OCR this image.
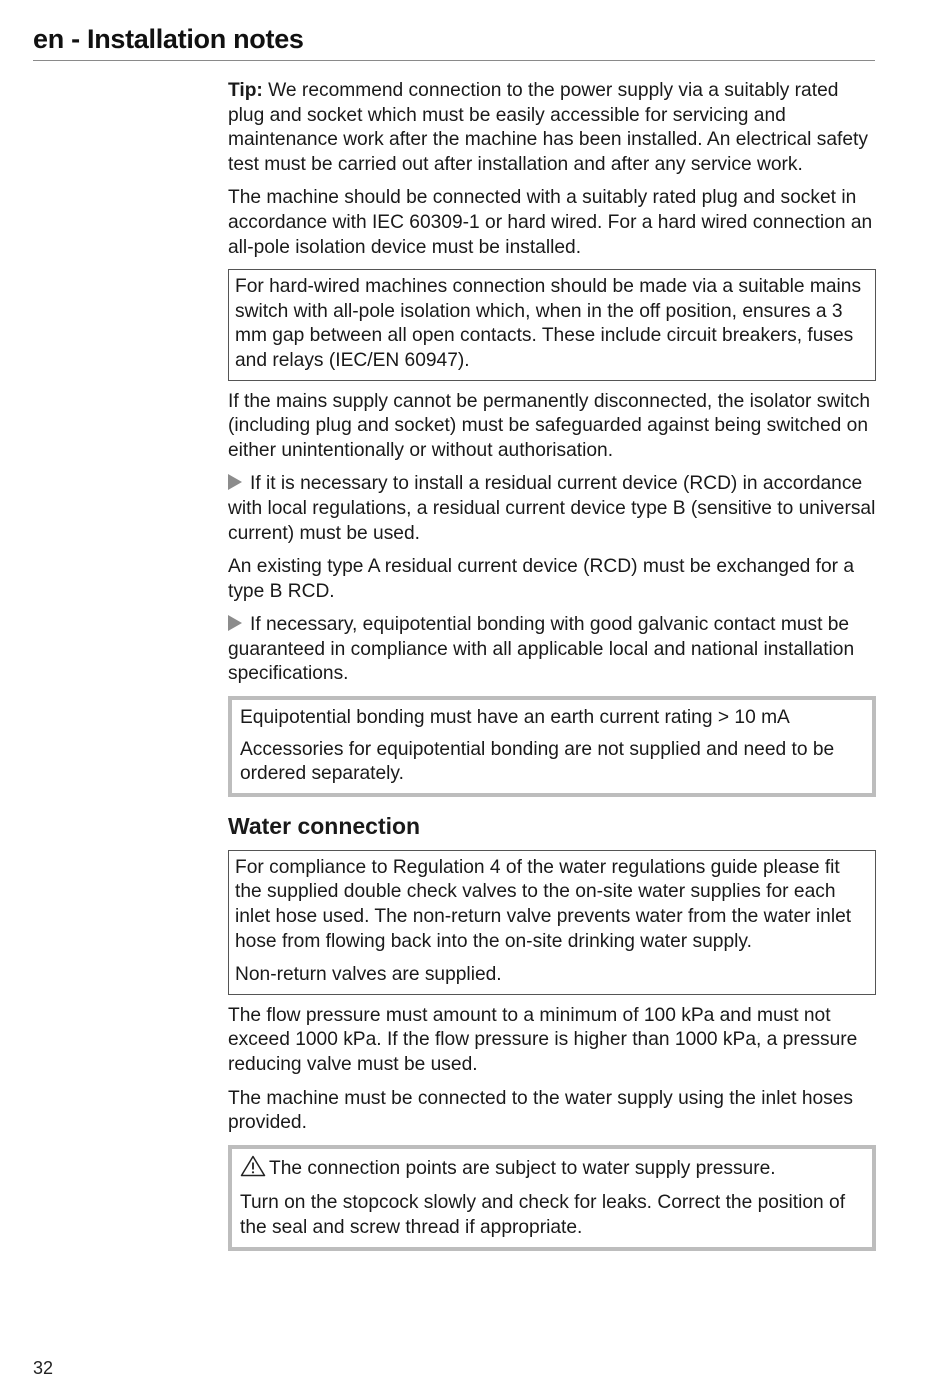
en - Installation notes

Tip: We recommend connection to the power supply via a suitably rated plug and socket which must be easily accessible for servicing and maintenance work after the machine has been installed. An electrical safety test must be carried out after installation and after any service work.

The machine should be connected with a suitably rated plug and socket in accordance with IEC 60309-1 or hard wired. For a hard wired connection an all-pole isolation device must be installed.

For hard-wired machines connection should be made via a suitable mains switch with all-pole isolation which, when in the off position, ensures a 3 mm gap between all open contacts. These include circuit breakers, fuses and relays (IEC/EN 60947).

If the mains supply cannot be permanently disconnected, the isolator switch (including plug and socket) must be safeguarded against being switched on either unintentionally or without authorisation.

If it is necessary to install a residual current device (RCD) in accordance with local regulations, a residual current device type B (sensitive to universal current) must be used.

An existing type A residual current device (RCD) must be exchanged for a type B RCD.

If necessary, equipotential bonding with good galvanic contact must be guaranteed in compliance with all applicable local and national installation specifications.

Equipotential bonding must have an earth current rating > 10 mA

Accessories for equipotential bonding are not supplied and need to be ordered separately.

Water connection

For compliance to Regulation 4 of the water regulations guide please fit the supplied double check valves to the on-site water supplies for each inlet hose used. The non-return valve prevents water from the water inlet hose from flowing back into the on-site drinking water supply.

Non-return valves are supplied.

The flow pressure must amount to a minimum of 100 kPa and must not exceed 1000 kPa. If the flow pressure is higher than 1000 kPa, a pressure reducing valve must be used.

The machine must be connected to the water supply using the inlet hoses provided.

The connection points are subject to water supply pressure.

Turn on the stopcock slowly and check for leaks. Correct the position of the seal and screw thread if appropriate.

32
